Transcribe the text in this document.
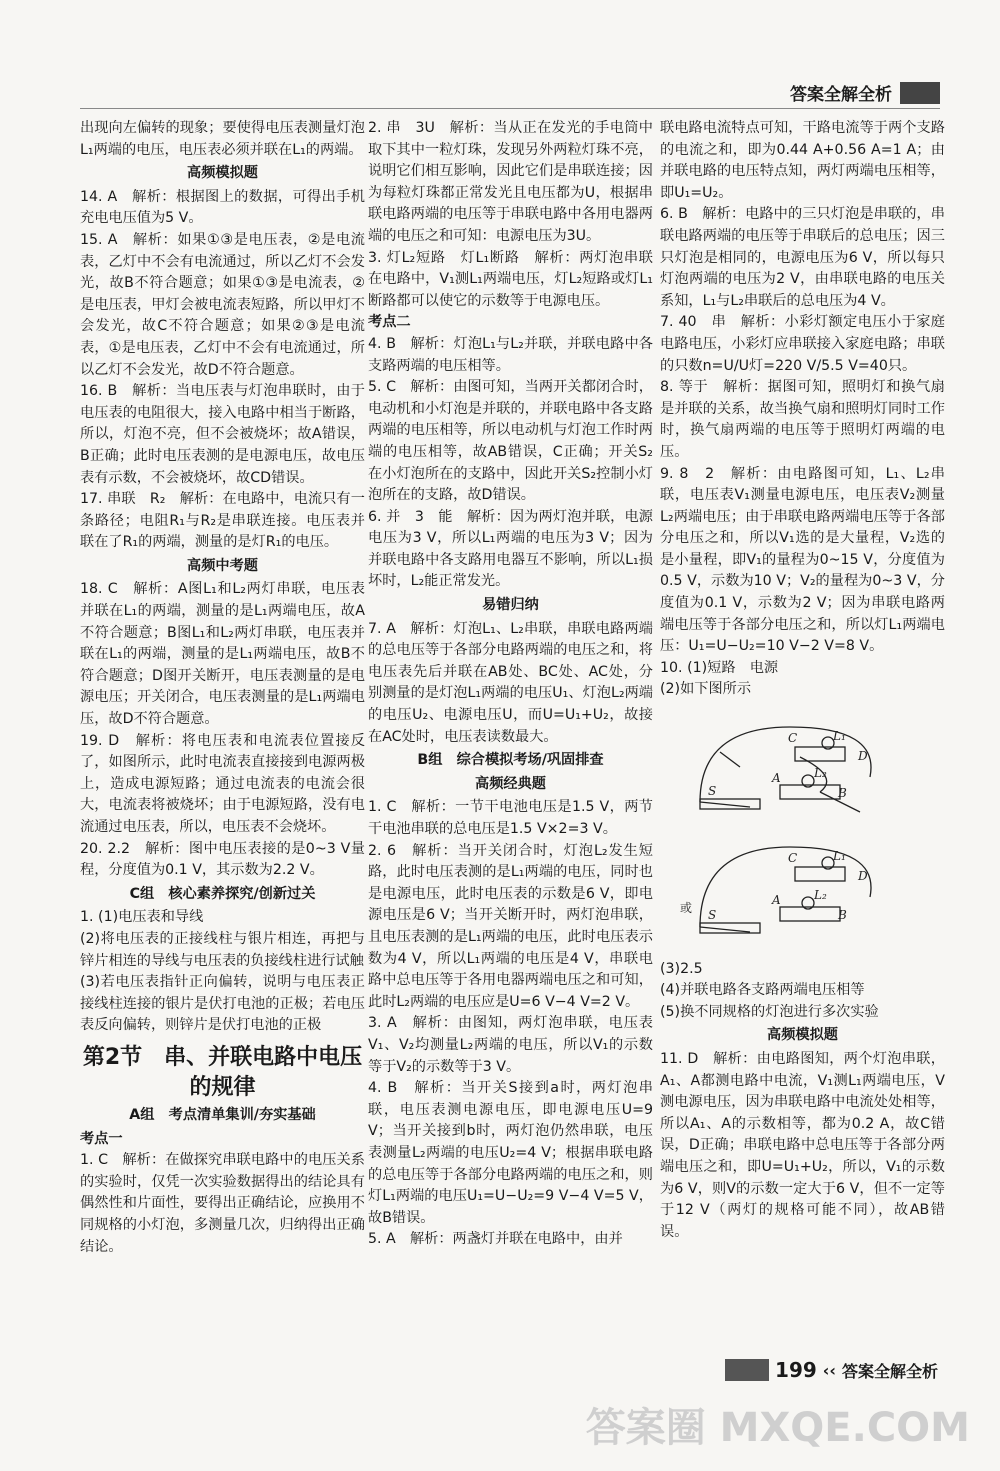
答案全解全析

出现向左偏转的现象；要使得电压表测量灯泡L₁两端的电压，电压表必须并联在L₁的两端。

高频模拟题

14. A　解析：根据图上的数据，可得出手机充电电压值为5 V。

15. A　解析：如果①③是电压表，②是电流表，乙灯中不会有电流通过，所以乙灯不会发光，故B不符合题意；如果①③是电流表，②是电压表，甲灯会被电流表短路，所以甲灯不会发光，故C不符合题意；如果②③是电流表，①是电压表，乙灯中不会有电流通过，所以乙灯不会发光，故D不符合题意。

16. B　解析：当电压表与灯泡串联时，由于电压表的电阻很大，接入电路中相当于断路，所以，灯泡不亮，但不会被烧坏；故A错误，B正确；此时电压表测的是电源电压，故电压表有示数，不会被烧坏，故CD错误。

17. 串联　R₂　解析：在电路中，电流只有一条路径；电阻R₁与R₂是串联连接。电压表并联在了R₁的两端，测量的是灯R₁的电压。

高频中考题

18. C　解析：A图L₁和L₂两灯串联，电压表并联在L₁的两端，测量的是L₁两端电压，故A不符合题意；B图L₁和L₂两灯串联，电压表并联在L₁的两端，测量的是L₁两端电压，故B不符合题意；D图开关断开，电压表测量的是电源电压；开关闭合，电压表测量的是L₁两端电压，故D不符合题意。

19. D　解析：将电压表和电流表位置接反了，如图所示，此时电流表直接接到电源两极上，造成电源短路；通过电流表的电流会很大，电流表将被烧坏；由于电源短路，没有电流通过电压表，所以，电压表不会烧坏。

20. 2.2　解析：图中电压表接的是0~3 V量程，分度值为0.1 V，其示数为2.2 V。

C组　核心素养探究/创新过关

1. (1)电压表和导线

(2)将电压表的正接线柱与银片相连，再把与锌片相连的导线与电压表的负接线柱进行试触

(3)若电压表指针正向偏转，说明与电压表正接线柱连接的银片是伏打电池的正极；若电压表反向偏转，则锌片是伏打电池的正极

第2节　串、并联电路中电压的规律

A组　考点清单集训/夯实基础

考点一

1. C　解析：在做探究串联电路中的电压关系的实验时，仅凭一次实验数据得出的结论具有偶然性和片面性，要得出正确结论，应换用不同规格的小灯泡，多测量几次，归纳得出正确结论。

2. 串　3U　解析：当从正在发光的手电筒中取下其中一粒灯珠，发现另外两粒灯珠不亮，说明它们相互影响，因此它们是串联连接；因为每粒灯珠都正常发光且电压都为U，根据串联电路两端的电压等于串联电路中各用电器两端的电压之和可知：电源电压为3U。

3. 灯L₂短路　灯L₁断路　解析：两灯泡串联在电路中，V₁测L₁两端电压，灯L₂短路或灯L₁断路都可以使它的示数等于电源电压。

考点二

4. B　解析：灯泡L₁与L₂并联，并联电路中各支路两端的电压相等。

5. C　解析：由图可知，当两开关都闭合时，电动机和小灯泡是并联的，并联电路中各支路两端的电压相等，所以电动机与灯泡工作时两端的电压相等，故AB错误，C正确；开关S₂在小灯泡所在的支路中，因此开关S₂控制小灯泡所在的支路，故D错误。

6. 并　3　能　解析：因为两灯泡并联，电源电压为3 V，所以L₁两端的电压为3 V；因为并联电路中各支路用电器互不影响，所以L₁损坏时，L₂能正常发光。

易错归纳

7. A　解析：灯泡L₁、L₂串联，串联电路两端的总电压等于各部分电路两端的电压之和，将电压表先后并联在AB处、BC处、AC处，分别测量的是灯泡L₁两端的电压U₁、灯泡L₂两端的电压U₂、电源电压U，而U=U₁+U₂，故接在AC处时，电压表读数最大。

B组　综合模拟考场/巩固排查

高频经典题

1. C　解析：一节干电池电压是1.5 V，两节干电池串联的总电压是1.5 V×2=3 V。

2. 6　解析：当开关闭合时，灯泡L₂发生短路，此时电压表测的是L₁两端的电压，同时也是电源电压，此时电压表的示数是6 V，即电源电压是6 V；当开关断开时，两灯泡串联，且电压表测的是L₁两端的电压，此时电压表示数为4 V，所以L₁两端的电压是4 V，串联电路中总电压等于各用电器两端电压之和可知，此时L₂两端的电压应是U=6 V−4 V=2 V。

3. A　解析：由图知，两灯泡串联，电压表V₁、V₂均测量L₂两端的电压，所以V₁的示数等于V₂的示数等于3 V。

4. B　解析：当开关S接到a时，两灯泡串联，电压表测电源电压，即电源电压U=9 V；当开关接到b时，两灯泡仍然串联，电压表测量L₂两端的电压U₂=4 V；根据串联电路的总电压等于各部分电路两端的电压之和，则灯L₁两端的电压U₁=U−U₂=9 V−4 V=5 V，故B错误。

5. A　解析：两盏灯并联在电路中，由并

联电路电流特点可知，干路电流等于两个支路的电流之和，即为0.44 A+0.56 A=1 A；由并联电路的电压特点知，两灯两端电压相等，即U₁=U₂。

6. B　解析：电路中的三只灯泡是串联的，串联电路两端的电压等于串联后的总电压；因三只灯泡是相同的，电源电压为6 V，所以每只灯泡两端的电压为2 V，由串联电路的电压关系知，L₁与L₂串联后的总电压为4 V。

7. 40　串　解析：小彩灯额定电压小于家庭电路电压，小彩灯应串联接入家庭电路；串联的只数n=U/U灯=220 V/5.5 V=40只。

8. 等于　解析：据图可知，照明灯和换气扇是并联的关系，故当换气扇和照明灯同时工作时，换气扇两端的电压等于照明灯两端的电压。

9. 8　2　解析：由电路图可知，L₁、L₂串联，电压表V₁测量电源电压，电压表V₂测量L₂两端电压；由于串联电路两端电压等于各部分电压之和，所以V₁选的是大量程，V₂选的是小量程，即V₁的量程为0~15 V，分度值为0.5 V，示数为10 V；V₂的量程为0~3 V，分度值为0.1 V，示数为2 V；因为串联电路两端电压等于各部分电压之和，所以灯L₁两端电压：U₁=U−U₂=10 V−2 V=8 V。

10. (1)短路　电源

(2)如下图所示

C	L₁
D
A	L₂
B
S
或
C	L₁
D
A	L₂
B
S

(3)2.5

(4)并联电路各支路两端电压相等

(5)换不同规格的灯泡进行多次实验

高频模拟题

11. D　解析：由电路图知，两个灯泡串联，A₁、A都测电路中电流，V₁测L₁两端电压，V测电源电压，因为串联电路中电流处处相等，所以A₁、A的示数相等，都为0.2 A，故C错误，D正确；串联电路中总电压等于各部分两端电压之和，即U=U₁+U₂，所以，V₁的示数为6 V，则V的示数一定大于6 V，但不一定等于12 V（两灯的规格可能不同），故AB错误。

199 ‹‹ 答案全解全析
答案圈 MXQE.COM
